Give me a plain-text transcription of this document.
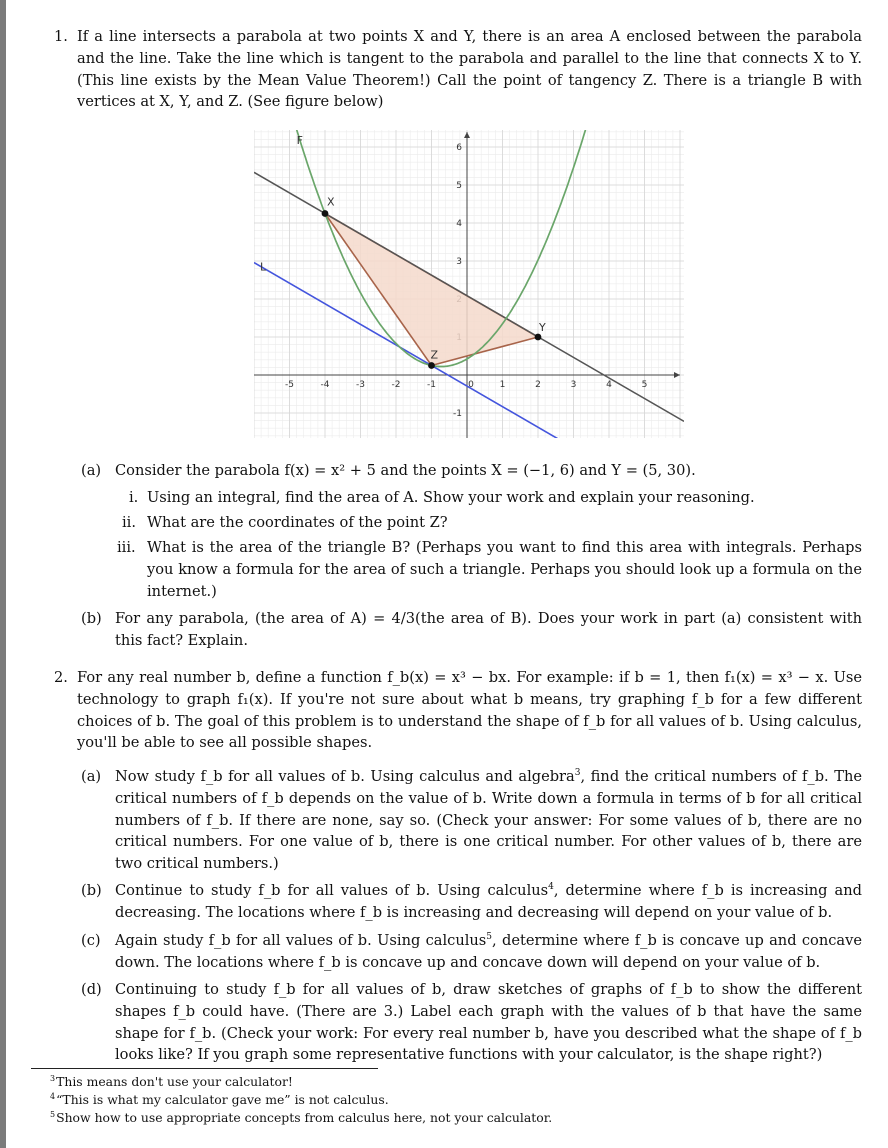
1. If a line intersects a parabola at two points X and Y, there is an area A enclosed between the parabola and the line. Take the line which is tangent to the parabola and parallel to the line that connects X to Y. (This line exists by the Mean Value Theorem!) Call the point of tangency Z. There is a triangle B with vertices at X, Y, and Z. (See figure below)
-5	-4	-3	-2	-1	0	1	2	3	4	5
-1
3
4
5
6
X
Y
Z
F
L
(a) Consider the parabola f(x) = x² + 5 and the points X = (−1, 6) and Y = (5, 30).
i. Using an integral, find the area of A. Show your work and explain your reasoning.
ii. What are the coordinates of the point Z?
iii. What is the area of the triangle B? (Perhaps you want to find this area with integrals. Perhaps you know a formula for the area of such a triangle. Perhaps you should look up a formula on the internet.)
(b) For any parabola, (the area of A) = 4/3(the area of B). Does your work in part (a) consistent with this fact? Explain.
2. For any real number b, define a function f_b(x) = x³ − bx. For example: if b = 1, then f₁(x) = x³ − x. Use technology to graph f₁(x). If you're not sure about what b means, try graphing f_b for a few different choices of b. The goal of this problem is to understand the shape of f_b for all values of b. Using calculus, you'll be able to see all possible shapes.
(a) Now study f_b for all values of b. Using calculus and algebra$^3$, find the critical numbers of f_b. The critical numbers of f_b depends on the value of b. Write down a formula in terms of b for all critical numbers of f_b. If there are none, say so. (Check your answer: For some values of b, there are no critical numbers. For one value of b, there is one critical number. For other values of b, there are two critical numbers.)
(b) Continue to study f_b for all values of b. Using calculus$^4$, determine where f_b is increasing and decreasing. The locations where f_b is increasing and decreasing will depend on your value of b.
(c) Again study f_b for all values of b. Using calculus$^5$, determine where f_b is concave up and concave down. The locations where f_b is concave up and concave down will depend on your value of b.
(d) Continuing to study f_b for all values of b, draw sketches of graphs of f_b to show the different shapes f_b could have. (There are 3.) Label each graph with the values of b that have the same shape for f_b. (Check your work: For every real number b, have you described what the shape of f_b looks like? If you graph some representative functions with your calculator, is the shape right?)
$^3$This means don't use your calculator!
$^4$“This is what my calculator gave me” is not calculus.
$^5$Show how to use appropriate concepts from calculus here, not your calculator.
